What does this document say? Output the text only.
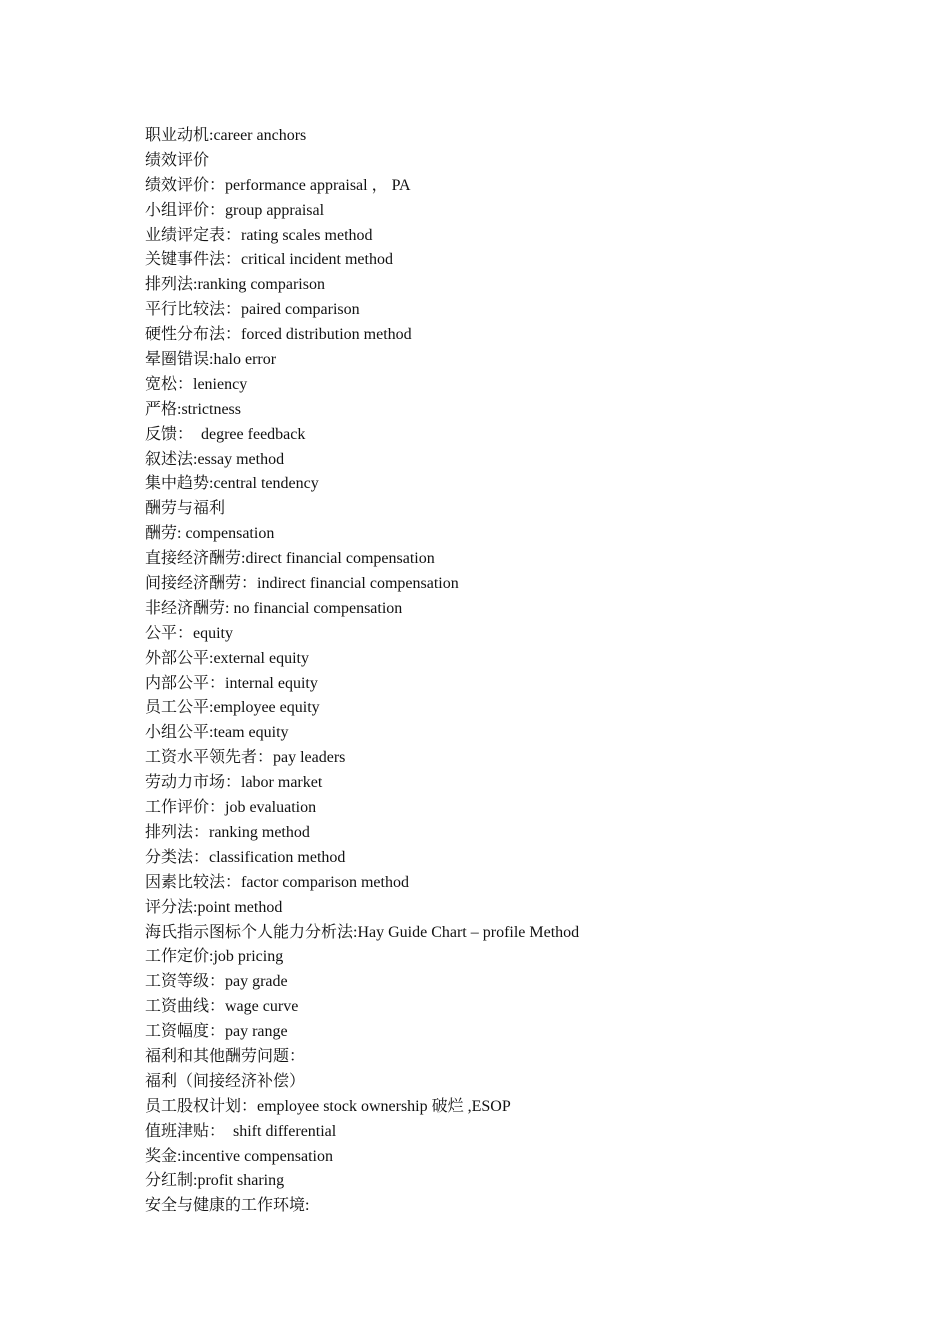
职业动机:career anchors
绩效评价
绩效评价：performance appraisal ， PA
小组评价：group appraisal
业绩评定表：rating scales method
关键事件法：critical incident method
排列法:ranking comparison
平行比较法：paired comparison
硬性分布法：forced distribution method
晕圈错误:halo error
宽松：leniency
严格:strictness
反馈：  degree feedback
叙述法:essay method
集中趋势:central tendency
酬劳与福利
酬劳: compensation
直接经济酬劳:direct financial compensation
间接经济酬劳：indirect financial compensation
非经济酬劳: no financial compensation
公平：equity
外部公平:external equity
内部公平：internal equity
员工公平:employee equity
小组公平:team equity
工资水平领先者：pay leaders
劳动力市场：labor market
工作评价：job evaluation
排列法：ranking method
分类法：classification method
因素比较法：factor comparison method
评分法:point method
海氏指示图标个人能力分析法:Hay Guide Chart – profile Method
工作定价:job pricing
工资等级：pay grade
工资曲线：wage curve
工资幅度：pay range
福利和其他酬劳问题：
福利（间接经济补偿）
员工股权计划：employee stock ownership 破烂 ,ESOP
值班津贴：  shift differential
奖金:incentive compensation
分红制:profit sharing
安全与健康的工作环境:
